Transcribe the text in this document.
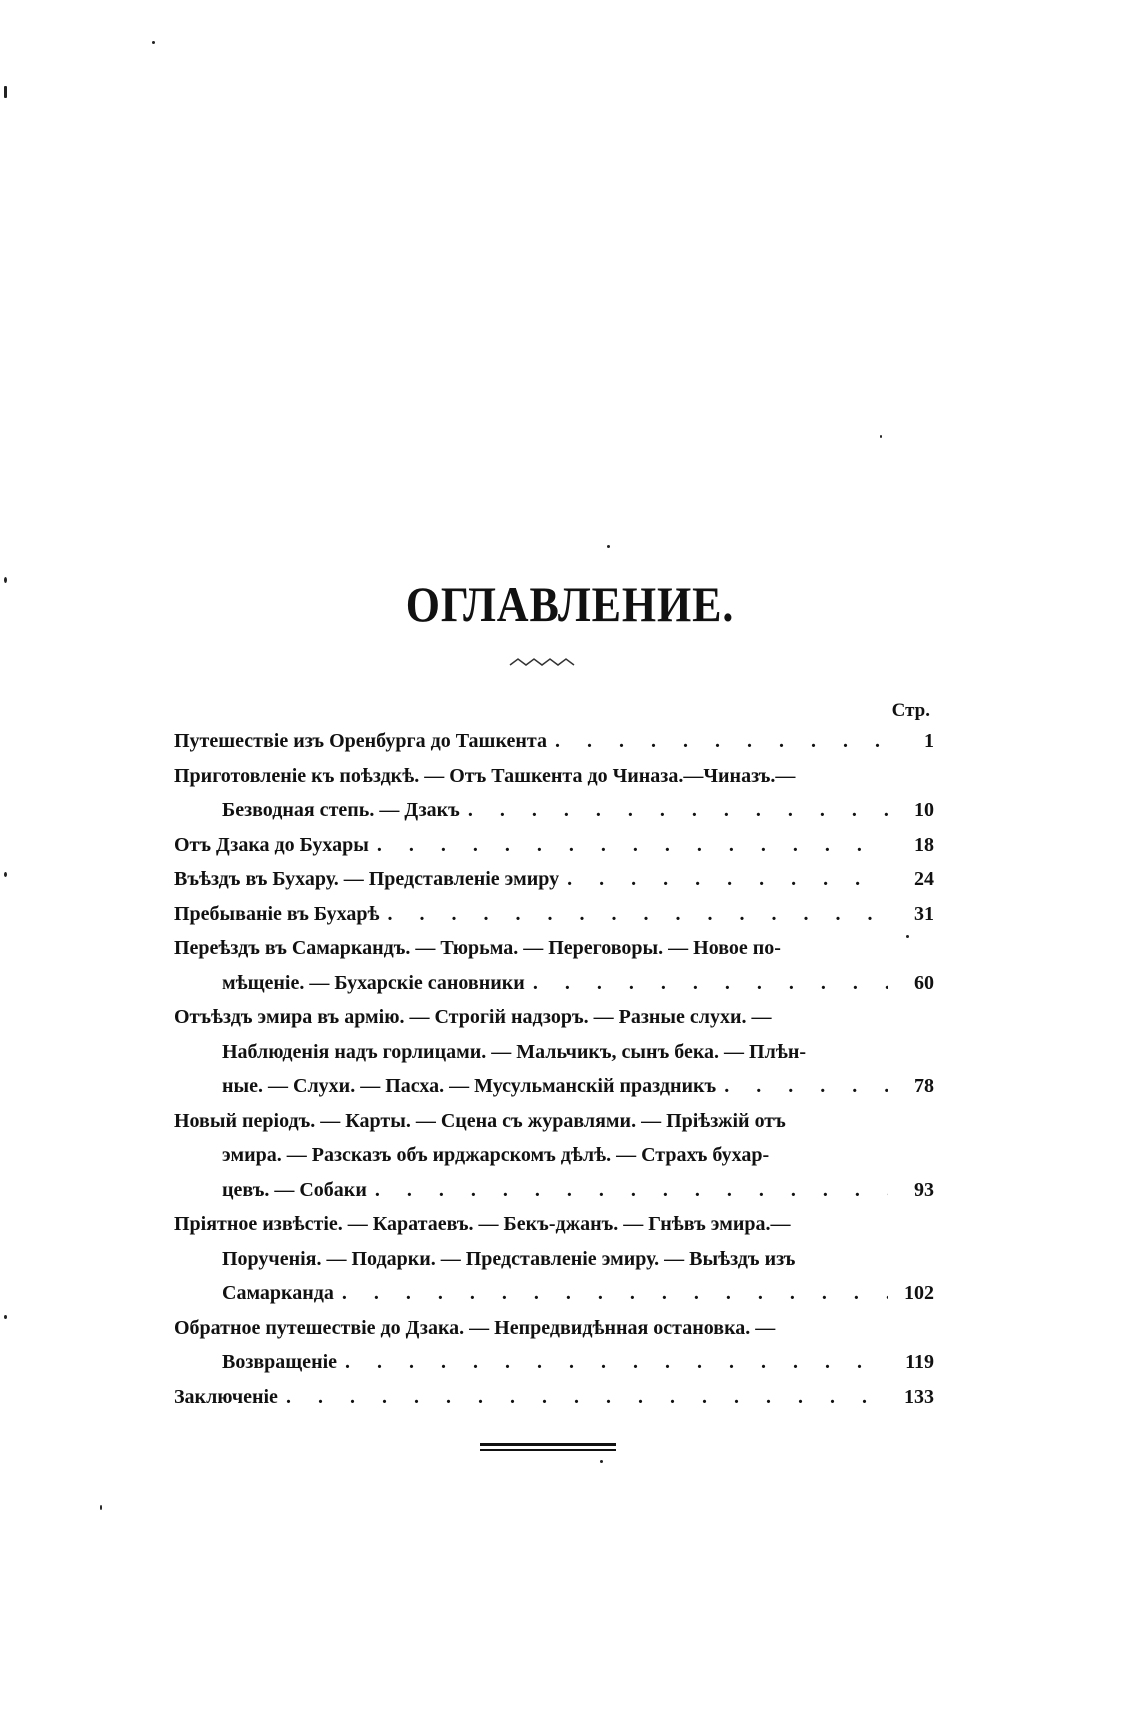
ОГЛАВЛЕНИЕ.
Стр.
Путешествіе изъ Оренбурга до Ташкента . . .	1
Приготовленіе къ поѣздкѣ. — Отъ Ташкента до Чиназа.—Чиназъ.—
Безводная степь. — Дзакъ . . .	10
Отъ Дзака до Бухары . . .	18
Въѣздъ въ Бухару. — Представленіе эмиру . . .	24
Пребываніе въ Бухарѣ . . .	31
Переѣздъ въ Самаркандъ. — Тюрьма. — Переговоры. — Новое по-
мѣщеніе. — Бухарскіе сановники . . .	60
Отъѣздъ эмира въ армію. — Строгій надзоръ. — Разные слухи. —
Наблюденія надъ горлицами. — Мальчикъ, сынъ бека. — Плѣн-
ные. — Слухи. — Пасха. — Мусульманскій праздникъ . . .	78
Новый періодъ. — Карты. — Сцена съ журавлями. — Пріѣзжій отъ
эмира. — Разсказъ объ ирджарскомъ дѣлѣ. — Страхъ бухар-
цевъ. — Собаки . . .	93
Пріятное извѣстіе. — Каратаевъ. — Бекъ-джанъ. — Гнѣвъ эмира.—
Порученія. — Подарки. — Представленіе эмиру. — Выѣздъ изъ
Самарканда . . .	102
Обратное путешествіе до Дзака. — Непредвидѣнная остановка. —
Возвращеніе . . .	119
Заключеніе . . .	133
